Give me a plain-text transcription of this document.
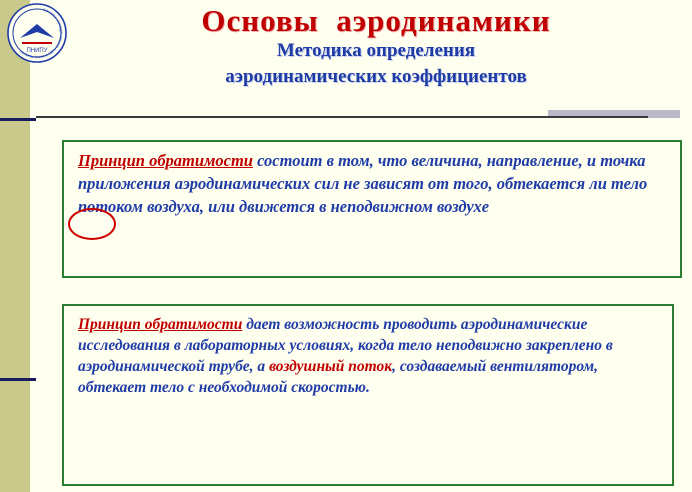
ПНИПУ
ОСНОВЫ АЭРОДИНАМИКИ И ДИНАМИКИ ПОЛЕТА
Основы  аэродинамики
Методика определения
аэродинамических коэффициентов

Принцип обратимости состоит в том, что величина, направление, и точка приложения аэродинамических сил не зависят от того, обтекается ли тело потоком воздуха, или движется в неподвижном воздухе

Принцип обратимости дает возможность проводить аэродинамические исследования в лабораторных условиях, когда тело неподвижно закреплено в аэродинамической трубе, а воздушный поток, создаваемый вентилятором, обтекает тело с необходимой скоростью.
